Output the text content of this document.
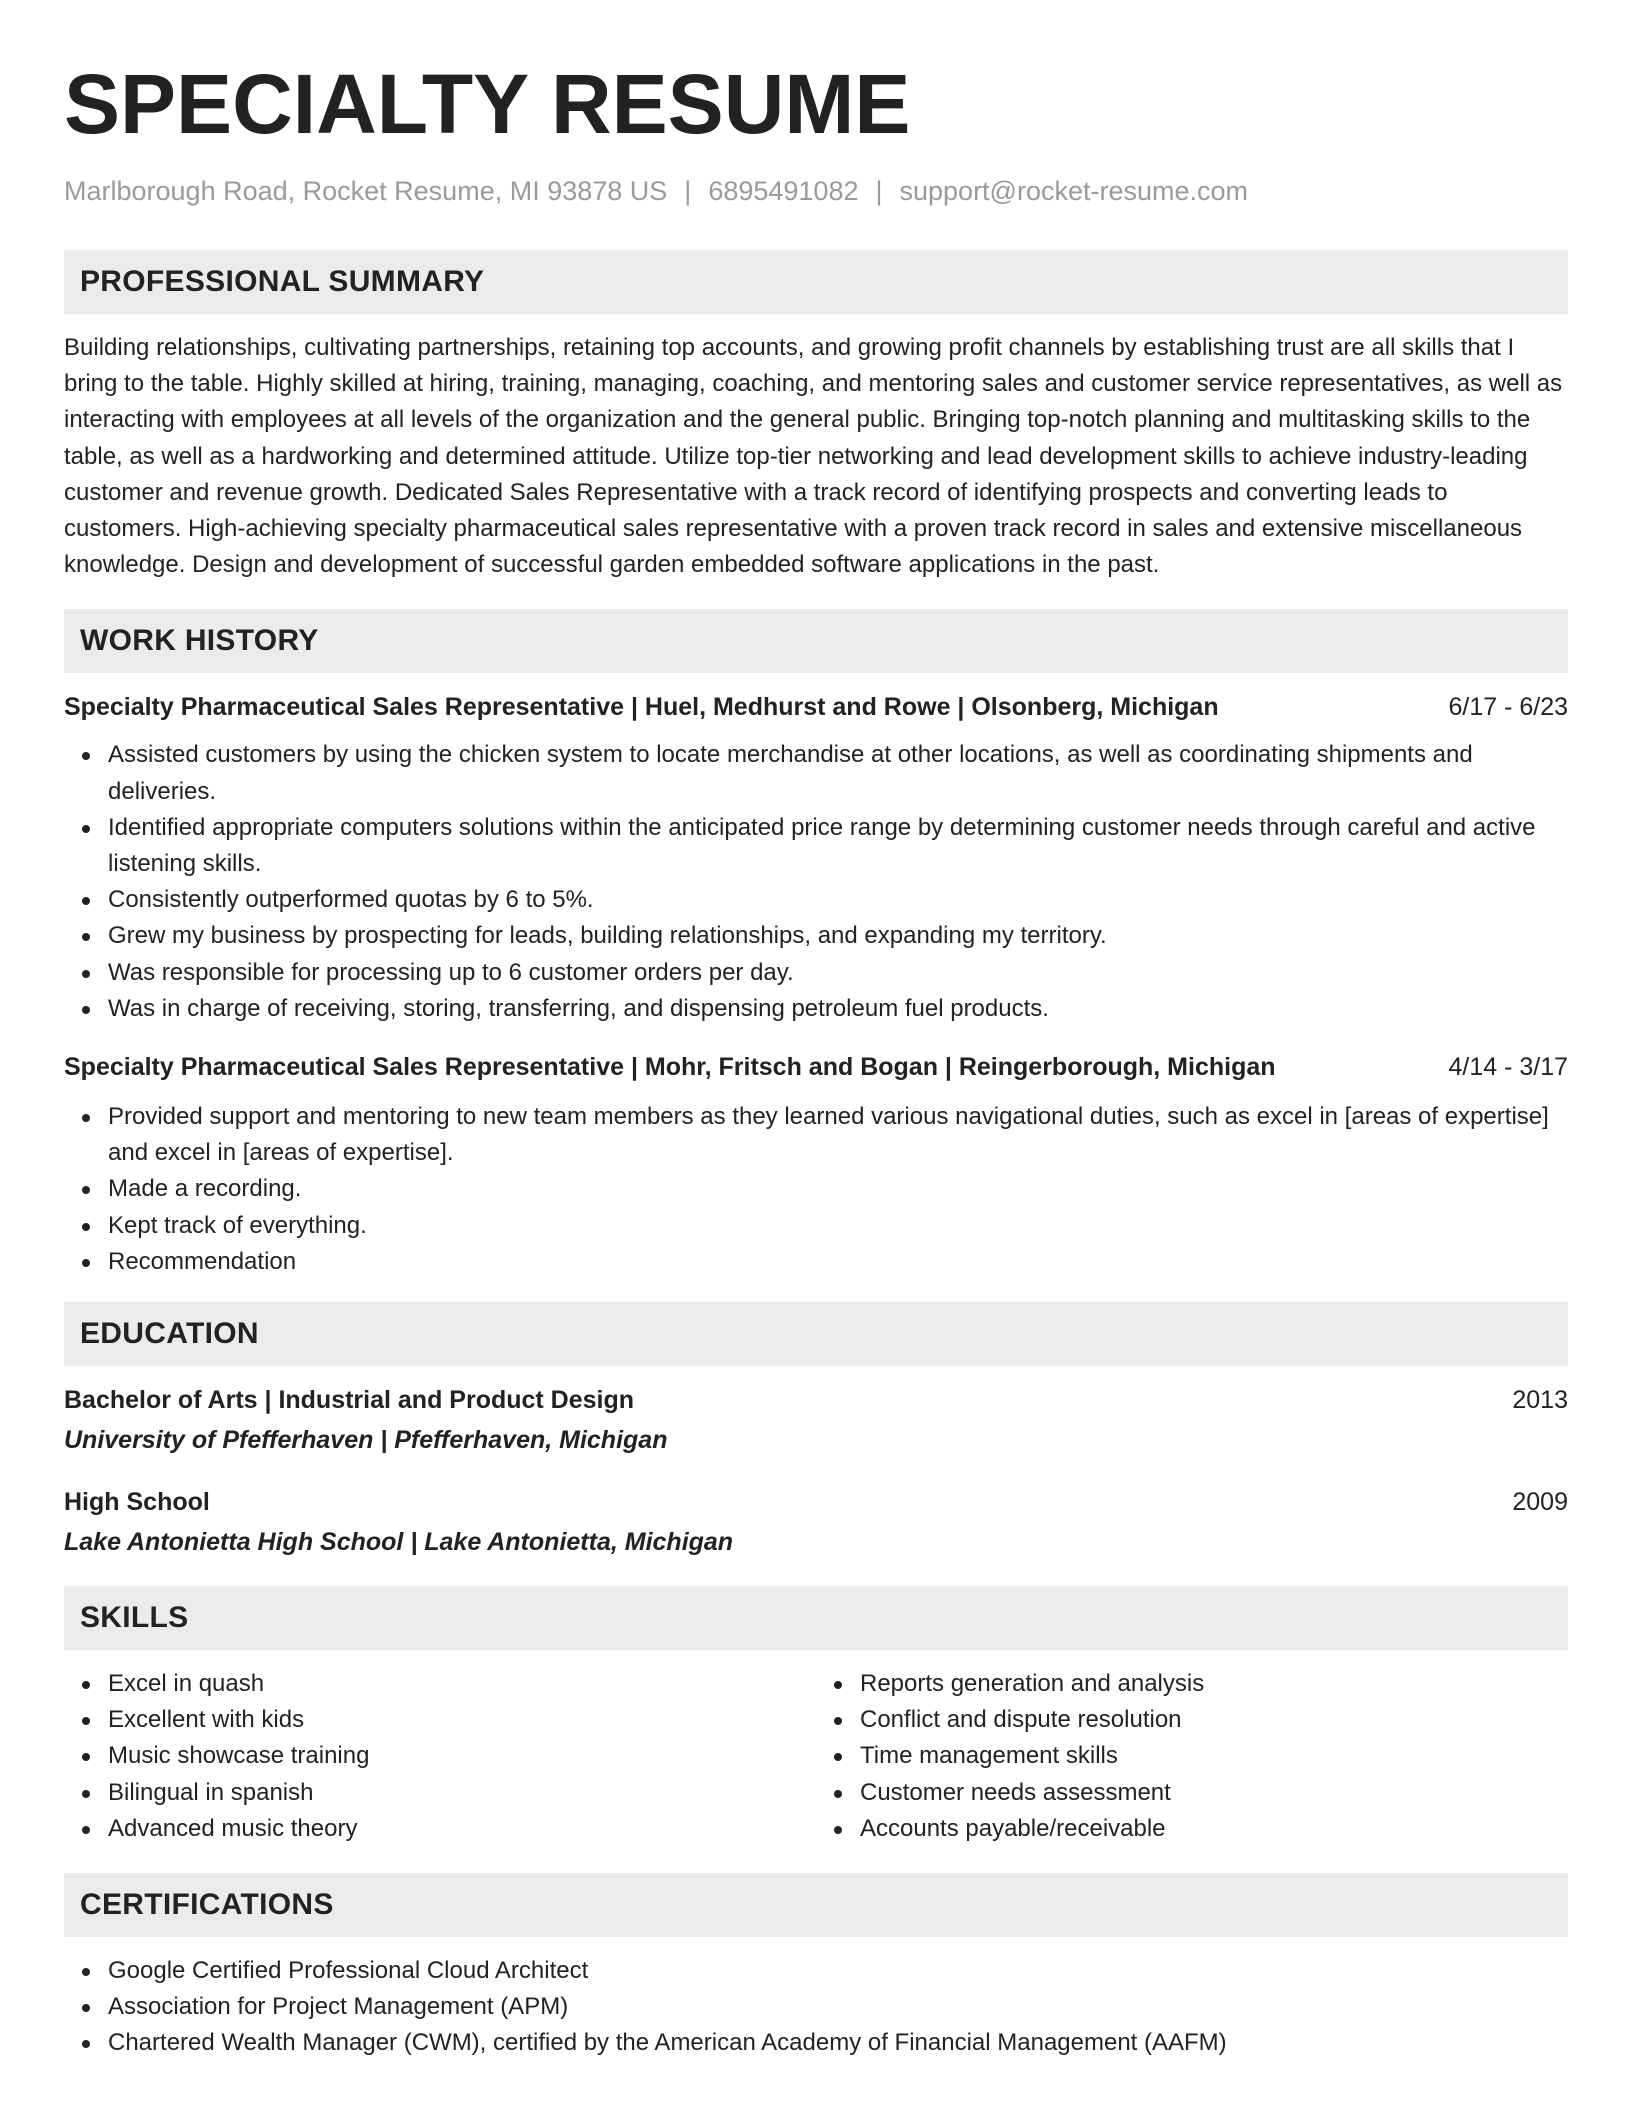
SPECIALTY RESUME
Marlborough Road, Rocket Resume, MI 93878 US | 6895491082 | support@rocket-resume.com
PROFESSIONAL SUMMARY
Building relationships, cultivating partnerships, retaining top accounts, and growing profit channels by establishing trust are all skills that I bring to the table. Highly skilled at hiring, training, managing, coaching, and mentoring sales and customer service representatives, as well as interacting with employees at all levels of the organization and the general public. Bringing top-notch planning and multitasking skills to the table, as well as a hardworking and determined attitude. Utilize top-tier networking and lead development skills to achieve industry-leading customer and revenue growth. Dedicated Sales Representative with a track record of identifying prospects and converting leads to customers. High-achieving specialty pharmaceutical sales representative with a proven track record in sales and extensive miscellaneous knowledge. Design and development of successful garden embedded software applications in the past.
WORK HISTORY
Specialty Pharmaceutical Sales Representative | Huel, Medhurst and Rowe | Olsonberg, Michigan	6/17 - 6/23
Assisted customers by using the chicken system to locate merchandise at other locations, as well as coordinating shipments and deliveries.
Identified appropriate computers solutions within the anticipated price range by determining customer needs through careful and active listening skills.
Consistently outperformed quotas by 6 to 5%.
Grew my business by prospecting for leads, building relationships, and expanding my territory.
Was responsible for processing up to 6 customer orders per day.
Was in charge of receiving, storing, transferring, and dispensing petroleum fuel products.
Specialty Pharmaceutical Sales Representative | Mohr, Fritsch and Bogan | Reingerborough, Michigan	4/14 - 3/17
Provided support and mentoring to new team members as they learned various navigational duties, such as excel in [areas of expertise] and excel in [areas of expertise].
Made a recording.
Kept track of everything.
Recommendation
EDUCATION
Bachelor of Arts | Industrial and Product Design	2013
University of Pfefferhaven | Pfefferhaven, Michigan
High School	2009
Lake Antonietta High School | Lake Antonietta, Michigan
SKILLS
Excel in quash
Excellent with kids
Music showcase training
Bilingual in spanish
Advanced music theory
Reports generation and analysis
Conflict and dispute resolution
Time management skills
Customer needs assessment
Accounts payable/receivable
CERTIFICATIONS
Google Certified Professional Cloud Architect
Association for Project Management (APM)
Chartered Wealth Manager (CWM), certified by the American Academy of Financial Management (AAFM)
